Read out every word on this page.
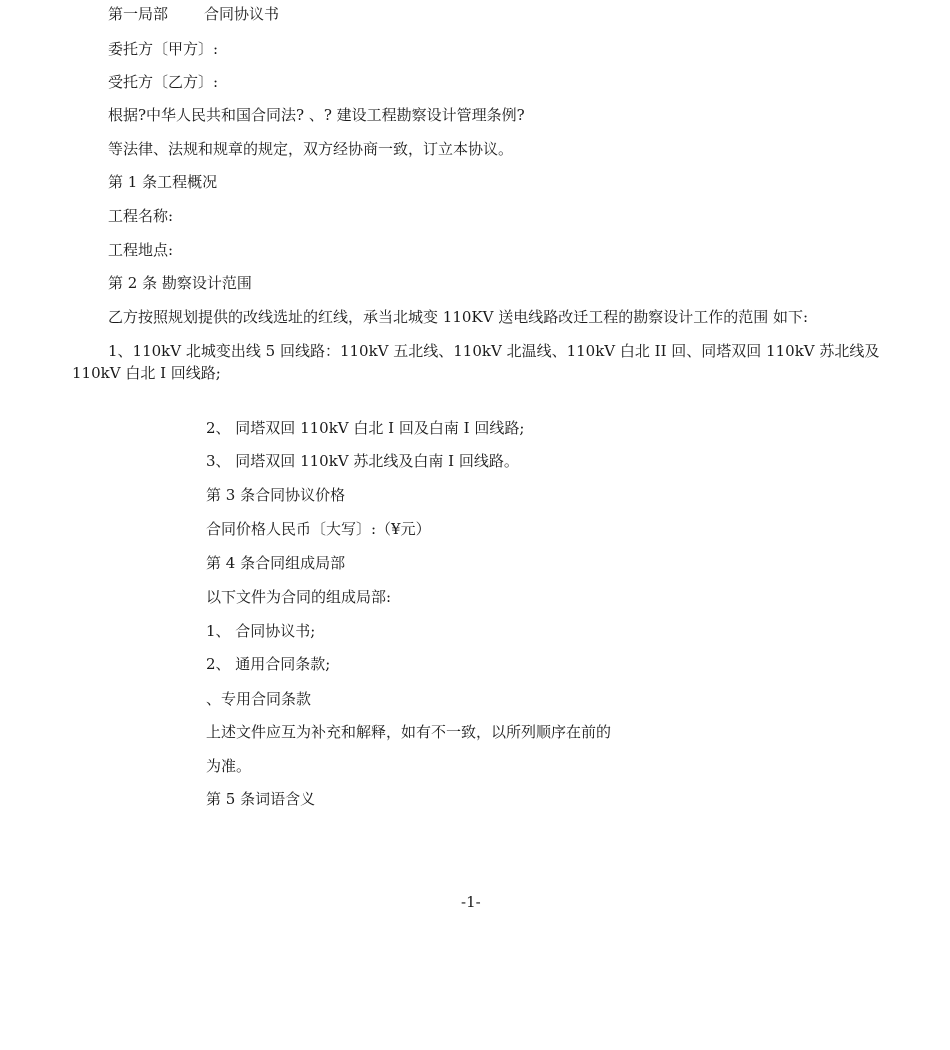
第一局部 合同协议书
委托方〔甲方〕:
受托方〔乙方〕:
根据?中华人民共和国合同法? 、? 建设工程勘察设计管理条例?
等法律、法规和规章的规定，双方经协商一致，订立本协议。
第 1 条工程概况
工程名称:
工程地点:
第 2 条 勘察设计范围
乙方按照规划提供的改线选址的红线，承当北城变 110KV 送电线路改迁工程的勘察设计工作的范围 如下:
1、110kV 北城变出线 5 回线路：110kV 五北线、110kV 北温线、110kV 白北 II 回、同塔双回 110kV 苏北线及 110kV 白北 I 回线路;
2、 同塔双回 110kV 白北 I 回及白南 I 回线路;
3、 同塔双回 110kV 苏北线及白南 I 回线路。
第 3 条合同协议价格
合同价格人民币〔大写〕:（¥元）
第 4 条合同组成局部
以下文件为合同的组成局部:
1、 合同协议书;
2、 通用合同条款;
、专用合同条款
上述文件应互为补充和解释，如有不一致，以所列顺序在前的
为准。
第 5 条词语含义
-1-
